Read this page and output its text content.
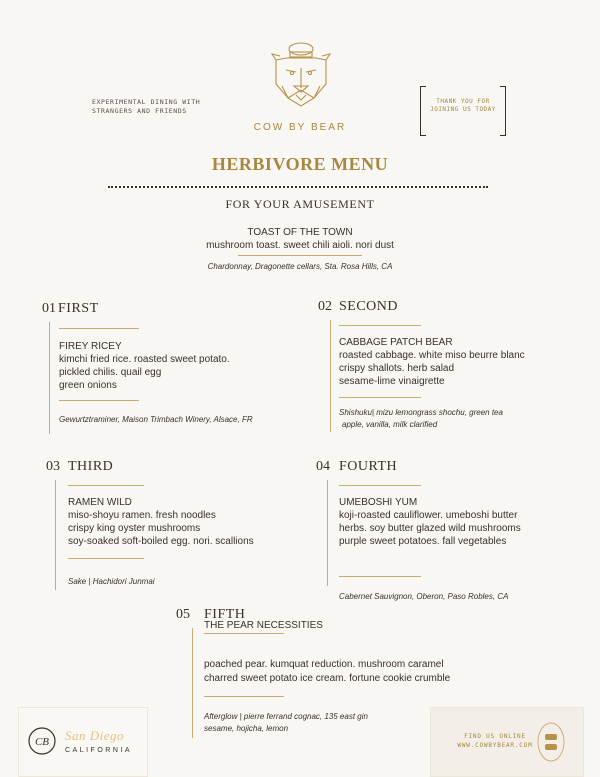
EXPERIMENTAL DINING WITH STRANGERS AND FRIENDS
COW BY BEAR
THANK YOU FOR JOINING US TODAY
HERBIVORE MENU
FOR YOUR AMUSEMENT
TOAST OF THE TOWN
mushroom toast. sweet chili aioli. nori dust
Chardonnay, Dragonette cellars, Sta. Rosa Hills, CA
01 FIRST
FIREY RICEY
kimchi fried rice. roasted sweet potato.
pickled chilis. quail egg
green onions
Gewurtztraminer, Maison Trimbach Winery, Alsace, FR
02 SECOND
CABBAGE PATCH BEAR
roasted cabbage. white miso beurre blanc
crispy shallots. herb salad
sesame-lime vinaigrette
Shishuku| mizu lemongrass shochu, green tea
apple, vanilla, milk clarified
03 THIRD
RAMEN WILD
miso-shoyu ramen. fresh noodles
crispy king oyster mushrooms
soy-soaked soft-boiled egg. nori. scallions
Sake | Hachidori Junmai
04 FOURTH
UMEBOSHI YUM
koji-roasted cauliflower. umeboshi butter
herbs. soy butter glazed wild mushrooms
purple sweet potatoes. fall vegetables
Cabernet Sauvignon, Oberon, Paso Robles, CA
05 FIFTH
THE PEAR NECESSITIES
poached pear. kumquat reduction. mushroom caramel
charred sweet potato ice cream. fortune cookie crumble
Afterglow | pierre ferrand cognac, 135 east gin
sesame, hojicha, lemon
CB San Diego
CALIFORNIA
FIND US ONLINE
WWW.COWBYBEAR.COM
